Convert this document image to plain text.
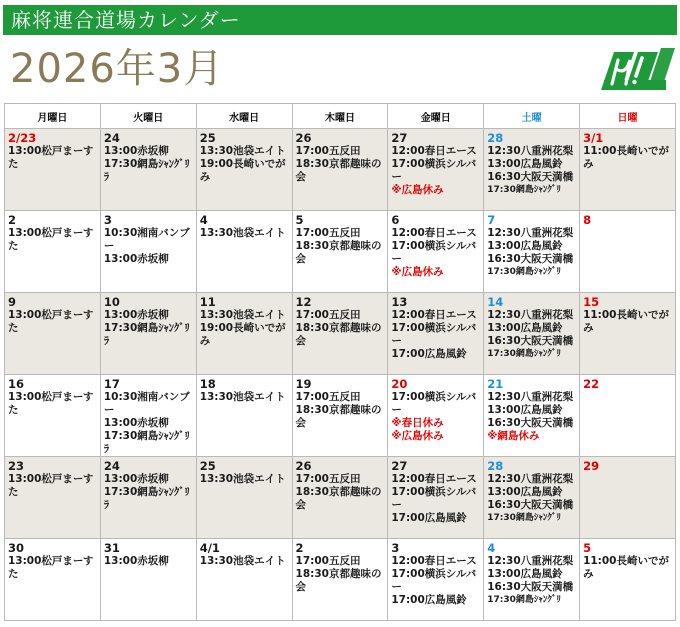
麻将連合道場カレンダー
2026年3月
月曜日	火曜日	水曜日	木曜日	金曜日	土曜	日曜

2/23
13:00松戸まーすた	24
13:00赤坂柳
17:30網島ｼｬﾝｸﾞﾘﾗ	25
13:30池袋エイト
19:00長崎いでがみ	26
17:00五反田
18:30京都趣味の会	27
12:00春日エース
17:00横浜シルバー
※広島休み	28
12:30八重洲花梨
13:00広島風鈴
16:30大阪天満橋
17:30網島ｼｬﾝｸﾞﾘ	3/1
11:00長崎いでがみ

2
13:00松戸まーすた	3
10:30湘南バンブー
13:00赤坂柳	4
13:30池袋エイト	5
17:00五反田
18:30京都趣味の会	6
12:00春日エース
17:00横浜シルバー
※広島休み	7
12:30八重洲花梨
13:00広島風鈴
16:30大阪天満橋
17:30網島ｼｬﾝｸﾞﾘ	8

9
13:00松戸まーすた	10
13:00赤坂柳
17:30網島ｼｬﾝｸﾞﾘﾗ	11
13:30池袋エイト
19:00長崎いでがみ	12
17:00五反田
18:30京都趣味の会	13
12:00春日エース
17:00横浜シルバー
17:00広島風鈴	14
12:30八重洲花梨
13:00広島風鈴
16:30大阪天満橋
17:30網島ｼｬﾝｸﾞﾘ	15
11:00長崎いでがみ

16
13:00松戸まーすた	17
10:30湘南バンブー
13:00赤坂柳
17:30網島ｼｬﾝｸﾞﾘﾗ	18
13:30池袋エイト	19
17:00五反田
18:30京都趣味の会	20
17:00横浜シルバー
※春日休み
※広島休み	21
12:30八重洲花梨
13:00広島風鈴
16:30大阪天満橋
※網島休み	22

23
13:00松戸まーすた	24
13:00赤坂柳
17:30網島ｼｬﾝｸﾞﾘﾗ	25
13:30池袋エイト	26
17:00五反田
18:30京都趣味の会	27
12:00春日エース
17:00横浜シルバー
17:00広島風鈴	28
12:30八重洲花梨
13:00広島風鈴
16:30大阪天満橋
17:30網島ｼｬﾝｸﾞﾘ	29

30
13:00松戸まーすた	31
13:00赤坂柳	4/1
13:30池袋エイト	2
17:00五反田
18:30京都趣味の会	3
12:00春日エース
17:00横浜シルバー
17:00広島風鈴	4
12:30八重洲花梨
13:00広島風鈴
16:30大阪天満橋
17:30網島ｼｬﾝｸﾞﾘ	5
11:00長崎いでがみ
